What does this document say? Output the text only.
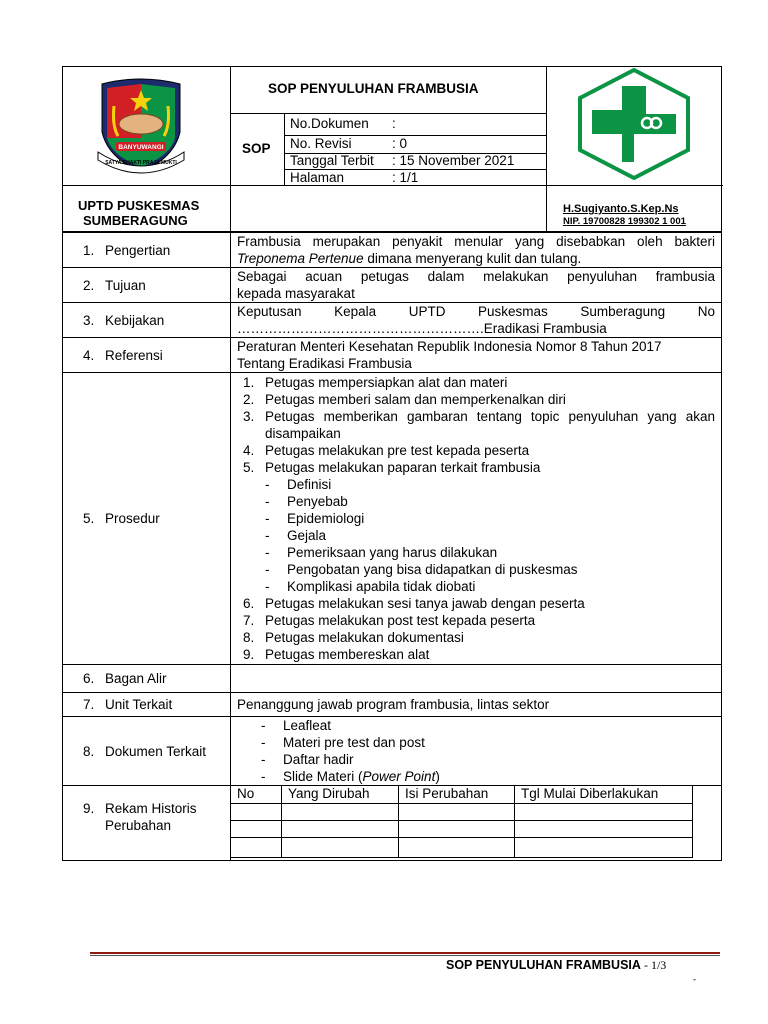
BANYUWANGI
SATYA BHAKTI PRAJA MUKTI
SOP PENYULUHAN FRAMBUSIA
SOP
No.Dokumen :
No. Revisi	: 0
Tanggal Terbit : 15 November 2021
Halaman	: 1/1
UPTD PUSKESMAS
SUMBERAGUNG
H.Sugiyanto.S.Kep.Ns
NIP. 19700828 199302 1 001
1. Pengertian	
Frambusia merupakan penyakit menular yang disebabkan oleh bakteri
Treponema Pertenue dimana menyerang kulit dan tulang.

2. Tujuan	
Sebagai acuan petugas dalam melakukan penyuluhan frambusia
kepada masyarakat

3. Kebijakan	
Keputusan Kepala UPTD Puskesmas Sumberagung No
……………………………………………….Eradikasi Frambusia

4. Referensi	
Peraturan Menteri Kesehatan Republik Indonesia Nomor 8 Tahun 2017
Tentang Eradikasi Frambusia

5. Prosedur	
1. Petugas mempersiapkan alat dan materi
2. Petugas memberi salam dan memperkenalkan diri
3. Petugas memberikan gambaran tentang topic penyuluhan yang akan disampaikan
4. Petugas melakukan pre test kepada peserta
5. Petugas melakukan paparan terkait frambusia
- Definisi
- Penyebab
- Epidemiologi
- Gejala
- Pemeriksaan yang harus dilakukan
- Pengobatan yang bisa didapatkan di puskesmas
- Komplikasi apabila tidak diobati
6. Petugas melakukan sesi tanya jawab dengan peserta
7. Petugas melakukan post test kepada peserta
8. Petugas melakukan dokumentasi
9. Petugas membereskan alat

6. Bagan Alir	
7. Unit Terkait	Penanggung jawab program frambusia, lintas sektor
8. Dokumen Terkait	
- Leafleat
- Materi pre test dan post
- Daftar hadir
- Slide Materi (Power Point)

9. Rekam Historis
Perubahan

No	Yang Dirubah	Isi Perubahan	Tgl Mulai Diberlakukan

SOP PENYULUHAN FRAMBUSIA - 1/3
-
